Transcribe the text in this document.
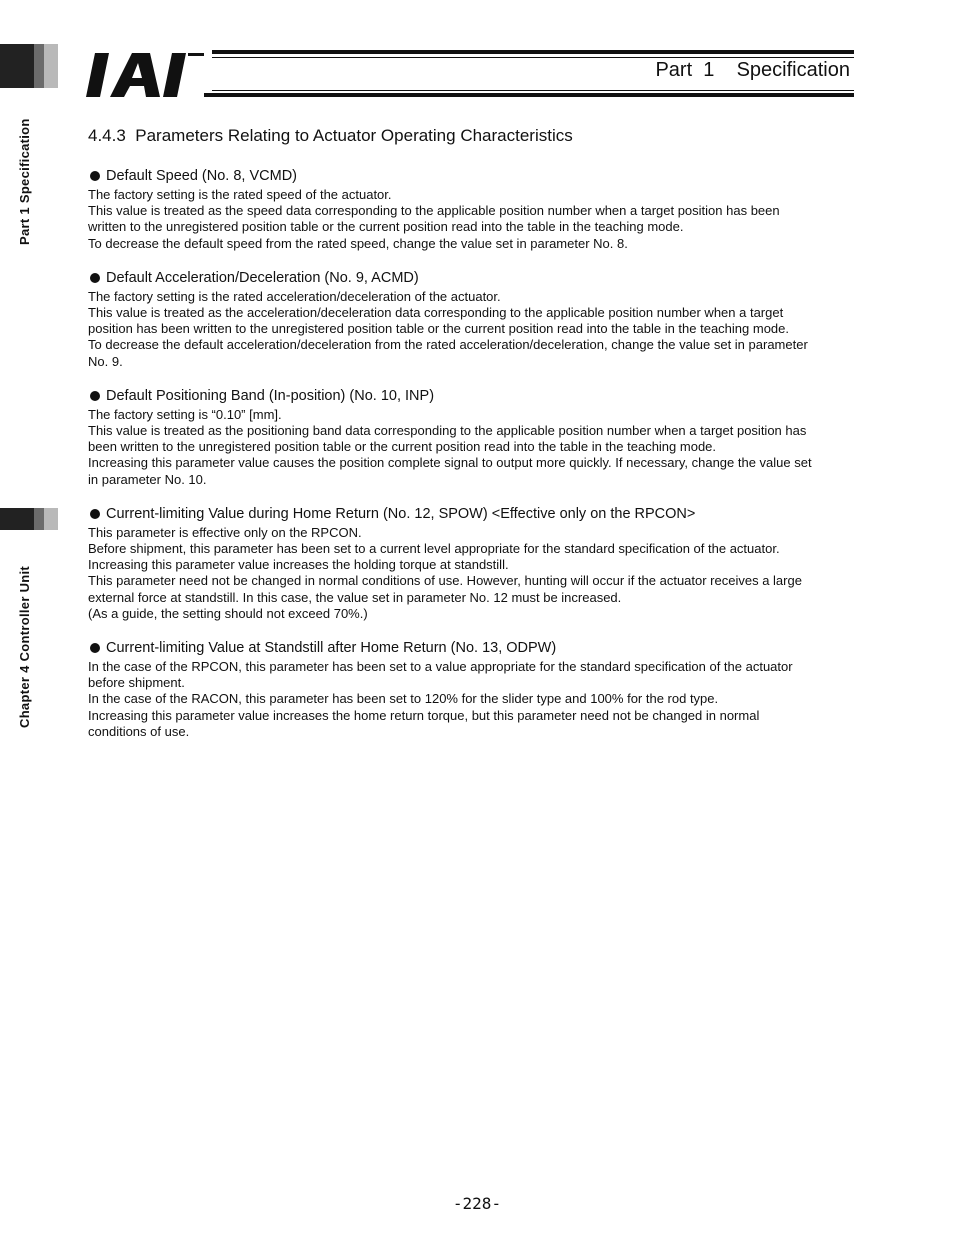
Part 1 Specification
Chapter 4 Controller Unit
Part  1    Specification
4.4.3  Parameters Relating to Actuator Operating Characteristics
Default Speed (No. 8, VCMD)

The factory setting is the rated speed of the actuator.

This value is treated as the speed data corresponding to the applicable position number when a target position has been

written to the unregistered position table or the current position read into the table in the teaching mode.

To decrease the default speed from the rated speed, change the value set in parameter No. 8.

Default Acceleration/Deceleration (No. 9, ACMD)

The factory setting is the rated acceleration/deceleration of the actuator.

This value is treated as the acceleration/deceleration data corresponding to the applicable position number when a target

position has been written to the unregistered position table or the current position read into the table in the teaching mode.

To decrease the default acceleration/deceleration from the rated acceleration/deceleration, change the value set in parameter

No. 9.

Default Positioning Band (In-position) (No. 10, INP)

The factory setting is “0.10” [mm].

This value is treated as the positioning band data corresponding to the applicable position number when a target position has

been written to the unregistered position table or the current position read into the table in the teaching mode.

Increasing this parameter value causes the position complete signal to output more quickly. If necessary, change the value set

in parameter No. 10.

Current-limiting Value during Home Return (No. 12, SPOW) <Effective only on the RPCON>

This parameter is effective only on the RPCON.

Before shipment, this parameter has been set to a current level appropriate for the standard specification of the actuator.

Increasing this parameter value increases the holding torque at standstill.

This parameter need not be changed in normal conditions of use. However, hunting will occur if the actuator receives a large

external force at standstill. In this case, the value set in parameter No. 12 must be increased.

(As a guide, the setting should not exceed 70%.)

Current-limiting Value at Standstill after Home Return (No. 13, ODPW)

In the case of the RPCON, this parameter has been set to a value appropriate for the standard specification of the actuator

before shipment.

In the case of the RACON, this parameter has been set to 120% for the slider type and 100% for the rod type.

Increasing this parameter value increases the home return torque, but this parameter need not be changed in normal

conditions of use.

-228-
